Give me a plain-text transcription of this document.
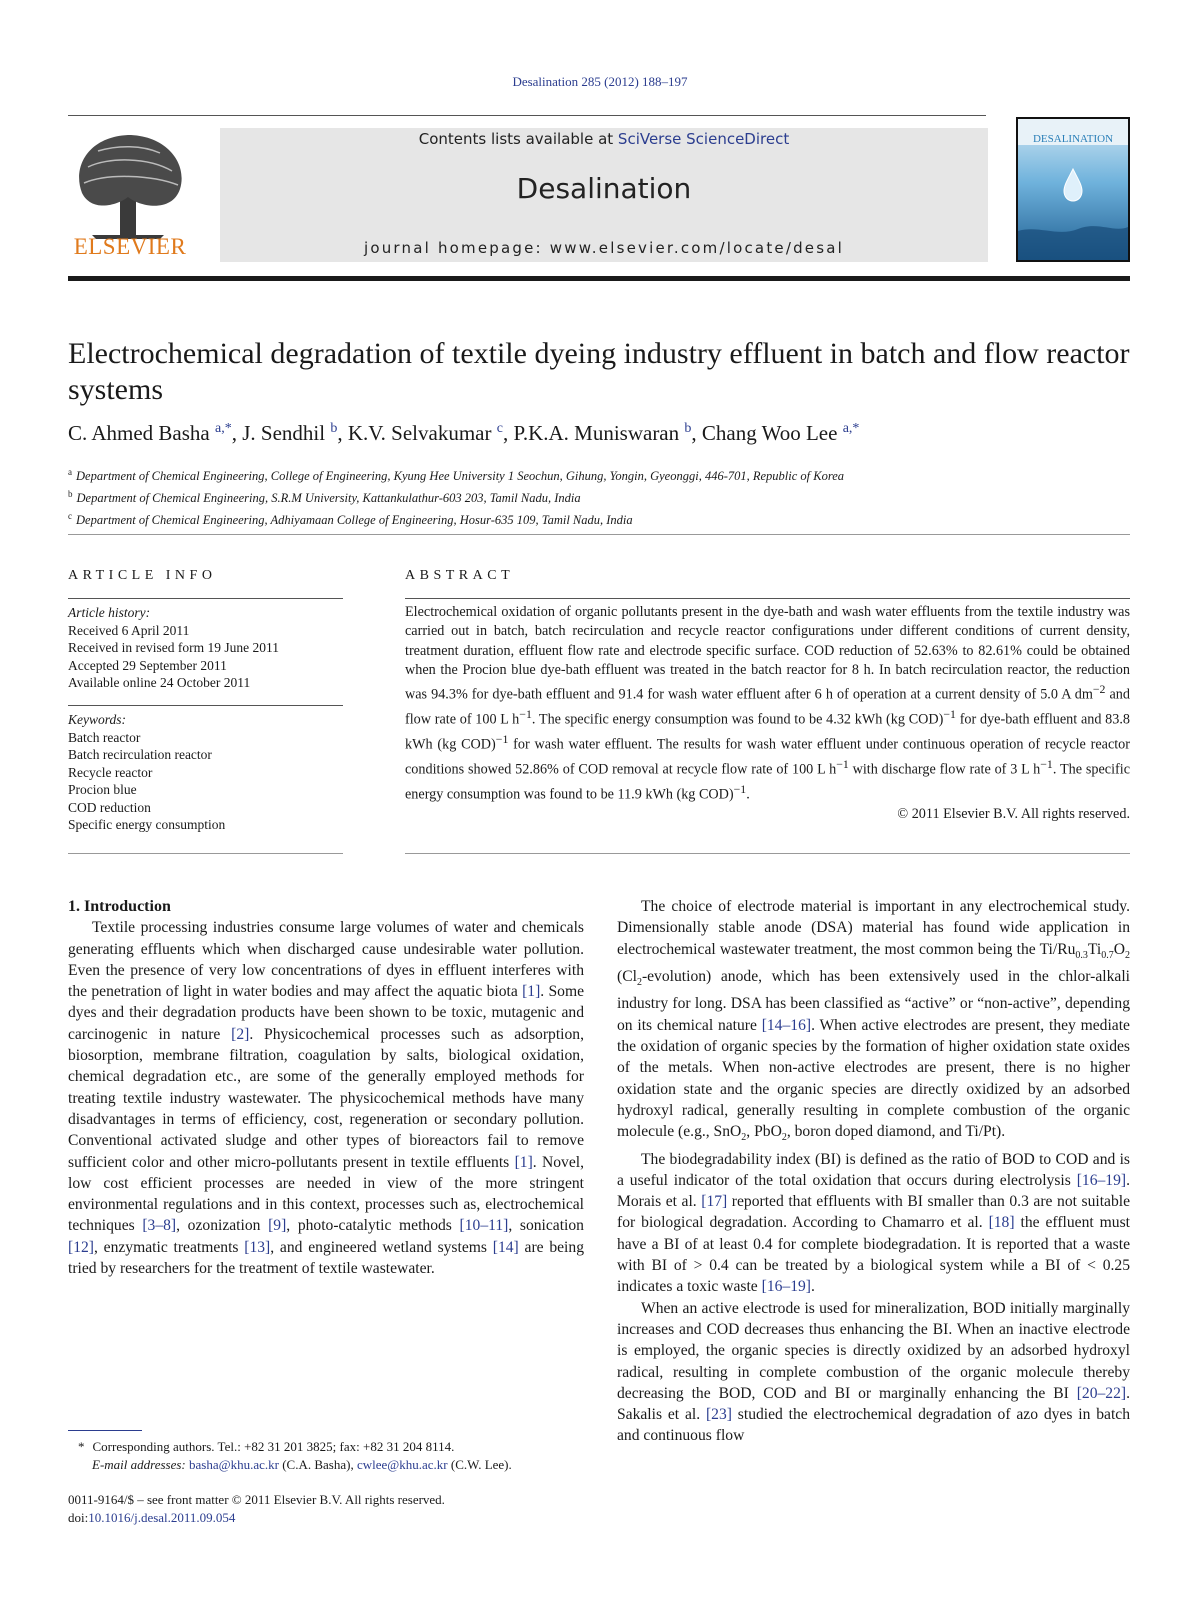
Desalination 285 (2012) 188–197
ELSEVIER
Contents lists available at SciVerse ScienceDirect
Desalination
journal homepage: www.elsevier.com/locate/desal
DESALINATION
Electrochemical degradation of textile dyeing industry effluent in batch and flow reactor systems
C. Ahmed Basha $^{a,*}$, J. Sendhil $^b$, K.V. Selvakumar $^c$, P.K.A. Muniswaran $^b$, Chang Woo Lee $^{a,*}$
$^a$ Department of Chemical Engineering, College of Engineering, Kyung Hee University 1 Seochun, Gihung, Yongin, Gyeonggi, 446-701, Republic of Korea
$^b$ Department of Chemical Engineering, S.R.M University, Kattankulathur-603 203, Tamil Nadu, India
$^c$ Department of Chemical Engineering, Adhiyamaan College of Engineering, Hosur-635 109, Tamil Nadu, India
ARTICLE INFO
Article history:
Received 6 April 2011
Received in revised form 19 June 2011
Accepted 29 September 2011
Available online 24 October 2011
Keywords:
Batch reactor
Batch recirculation reactor
Recycle reactor
Procion blue
COD reduction
Specific energy consumption
ABSTRACT
Electrochemical oxidation of organic pollutants present in the dye-bath and wash water effluents from the textile industry was carried out in batch, batch recirculation and recycle reactor configurations under different conditions of current density, treatment duration, effluent flow rate and electrode specific surface. COD reduction of 52.63% to 82.61% could be obtained when the Procion blue dye-bath effluent was treated in the batch reactor for 8 h. In batch recirculation reactor, the reduction was 94.3% for dye-bath effluent and 91.4 for wash water effluent after 6 h of operation at a current density of 5.0 A $dm^{-2}$ and flow rate of 100 L $h^{-1}$. The specific energy consumption was found to be 4.32 kWh (kg COD)$^{-1}$ for dye-bath effluent and 83.8 kWh (kg COD)$^{-1}$ for wash water effluent. The results for wash water effluent under continuous operation of recycle reactor conditions showed 52.86% of COD removal at recycle flow rate of 100 L $h^{-1}$ with discharge flow rate of 3 L $h^{-1}$. The specific energy consumption was found to be 11.9 kWh (kg COD)$^{-1}$.
© 2011 Elsevier B.V. All rights reserved.

1. Introduction

Textile processing industries consume large volumes of water and chemicals generating effluents which when discharged cause undesirable water pollution. Even the presence of very low concentrations of dyes in effluent interferes with the penetration of light in water bodies and may affect the aquatic biota [1]. Some dyes and their degradation products have been shown to be toxic, mutagenic and carcinogenic in nature [2]. Physicochemical processes such as adsorption, biosorption, membrane filtration, coagulation by salts, biological oxidation, chemical degradation etc., are some of the generally employed methods for treating textile industry wastewater. The physicochemical methods have many disadvantages in terms of efficiency, cost, regeneration or secondary pollution. Conventional activated sludge and other types of bioreactors fail to remove sufficient color and other micro-pollutants present in textile effluents [1]. Novel, low cost efficient processes are needed in view of the more stringent environmental regulations and in this context, processes such as, electrochemical techniques [3–8], ozonization [9], photo-catalytic methods [10–11], sonication [12], enzymatic treatments [13], and engineered wetland systems [14] are being tried by researchers for the treatment of textile wastewater.

The choice of electrode material is important in any electrochemical study. Dimensionally stable anode (DSA) material has found wide application in electrochemical wastewater treatment, the most common being the $Ti/Ru_{0.3}Ti_{0.7}O_2$ $(Cl_2-evolution)$ anode, which has been extensively used in the chlor-alkali industry for long. DSA has been classified as “active” or “non-active”, depending on its chemical nature [14–16]. When active electrodes are present, they mediate the oxidation of organic species by the formation of higher oxidation state oxides of the metals. When non-active electrodes are present, there is no higher oxidation state and the organic species are directly oxidized by an adsorbed hydroxyl radical, generally resulting in complete combustion of the organic molecule (e.g., SnO$_2$, PbO$_2$, boron doped diamond, and Ti/Pt).

The biodegradability index (BI) is defined as the ratio of BOD to COD and is a useful indicator of the total oxidation that occurs during electrolysis [16–19]. Morais et al. [17] reported that effluents with BI smaller than 0.3 are not suitable for biological degradation. According to Chamarro et al. [18] the effluent must have a BI of at least 0.4 for complete biodegradation. It is reported that a waste with BI of > 0.4 can be treated by a biological system while a BI of < 0.25 indicates a toxic waste [16–19].

When an active electrode is used for mineralization, BOD initially marginally increases and COD decreases thus enhancing the BI. When an inactive electrode is employed, the organic species is directly oxidized by an adsorbed hydroxyl radical, resulting in complete combustion of the organic molecule thereby decreasing the BOD, COD and BI or marginally enhancing the BI [20–22]. Sakalis et al. [23] studied the electrochemical degradation of azo dyes in batch and continuous flow

* Corresponding authors. Tel.: +82 31 201 3825; fax: +82 31 204 8114.
E-mail addresses: basha@khu.ac.kr (C.A. Basha), cwlee@khu.ac.kr (C.W. Lee).
0011-9164/$ – see front matter © 2011 Elsevier B.V. All rights reserved.
doi:10.1016/j.desal.2011.09.054
